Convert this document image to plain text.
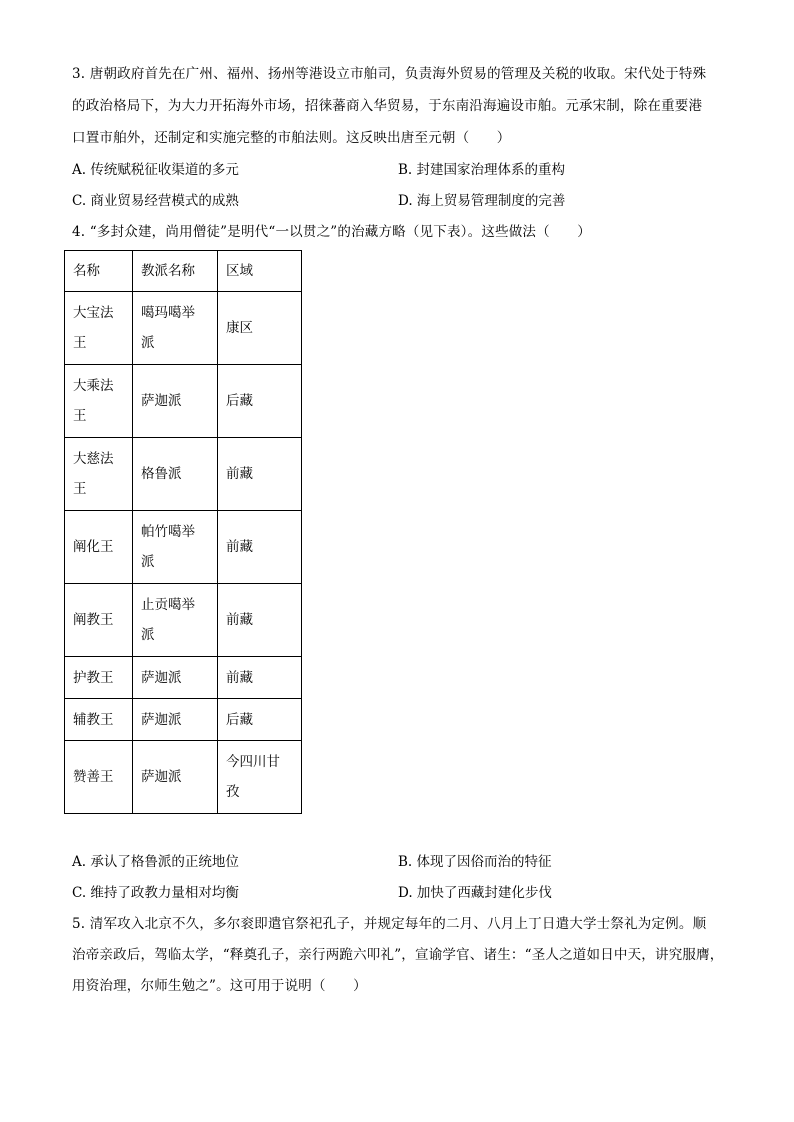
3. 唐朝政府首先在广州、福州、扬州等港设立市舶司，负责海外贸易的管理及关税的收取。宋代处于特殊
的政治格局下，为大力开拓海外市场，招徕蕃商入华贸易，于东南沿海遍设市舶。元承宋制，除在重要港
口置市舶外，还制定和实施完整的市舶法则。这反映出唐至元朝（　　）
A. 传统赋税征收渠道的多元	B. 封建国家治理体系的重构
C. 商业贸易经营模式的成熟	D. 海上贸易管理制度的完善
4. “多封众建，尚用僧徒”是明代“一以贯之”的治藏方略（见下表）。这些做法（　　）
名称	教派名称	区域

大宝法王	噶玛噶举派	康区

大乘法王	萨迦派	后藏

大慈法王	格鲁派	前藏
阐化王	帕竹噶举派	前藏
阐教王	止贡噶举派	前藏
护教王	萨迦派	前藏
辅教王	萨迦派	后藏
赞善王	萨迦派	今四川甘孜
A. 承认了格鲁派的正统地位	B. 体现了因俗而治的特征
C. 维持了政教力量相对均衡	D. 加快了西藏封建化步伐
5. 清军攻入北京不久，多尔衮即遣官祭祀孔子，并规定每年的二月、八月上丁日遣大学士祭礼为定例。顺
治帝亲政后，驾临太学，“释奠孔子，亲行两跪六叩礼”，宣谕学官、诸生：“圣人之道如日中天，讲究服膺，
用资治理，尔师生勉之”。这可用于说明（　　）
